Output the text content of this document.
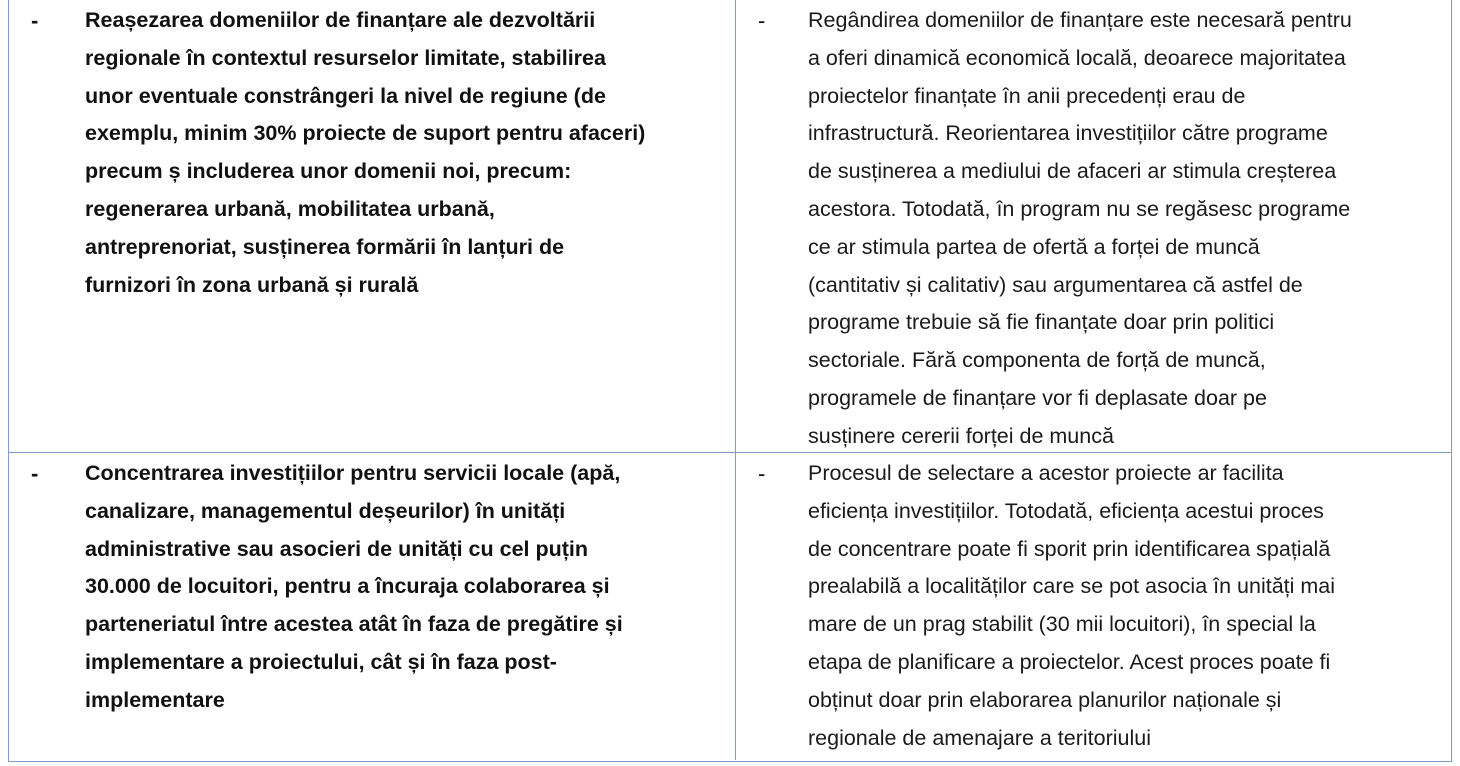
- Reașezarea domeniilor de finanțare ale dezvoltării
regionale în contextul resurselor limitate, stabilirea
unor eventuale constrângeri la nivel de regiune (de
exemplu, minim 30% proiecte de suport pentru afaceri)
precum ș includerea unor domenii noi, precum:
regenerarea urbană, mobilitatea urbană,
antreprenoriat, susținerea formării în lanțuri de
furnizori în zona urbană și rurală

- Regândirea domeniilor de finanțare este necesară pentru
a oferi dinamică economică locală, deoarece majoritatea
proiectelor finanțate în anii precedenți erau de
infrastructură. Reorientarea investițiilor către programe
de susținerea a mediului de afaceri ar stimula creșterea
acestora. Totodată, în program nu se regăsesc programe
ce ar stimula partea de ofertă a forței de muncă
(cantitativ și calitativ) sau argumentarea că astfel de
programe trebuie să fie finanțate doar prin politici
sectoriale. Fără componenta de forță de muncă,
programele de finanțare vor fi deplasate doar pe
susținere cererii forței de muncă

- Concentrarea investițiilor pentru servicii locale (apă,
canalizare, managementul deșeurilor) în unități
administrative sau asocieri de unități cu cel puțin
30.000 de locuitori, pentru a încuraja colaborarea și
parteneriatul între acestea atât în faza de pregătire și
implementare a proiectului, cât și în faza post-
implementare

- Procesul de selectare a acestor proiecte ar facilita
eficiența investițiilor. Totodată, eficiența acestui proces
de concentrare poate fi sporit prin identificarea spațială
prealabilă a localităților care se pot asocia în unități mai
mare de un prag stabilit (30 mii locuitori), în special la
etapa de planificare a proiectelor. Acest proces poate fi
obținut doar prin elaborarea planurilor naționale și
regionale de amenajare a teritoriului
